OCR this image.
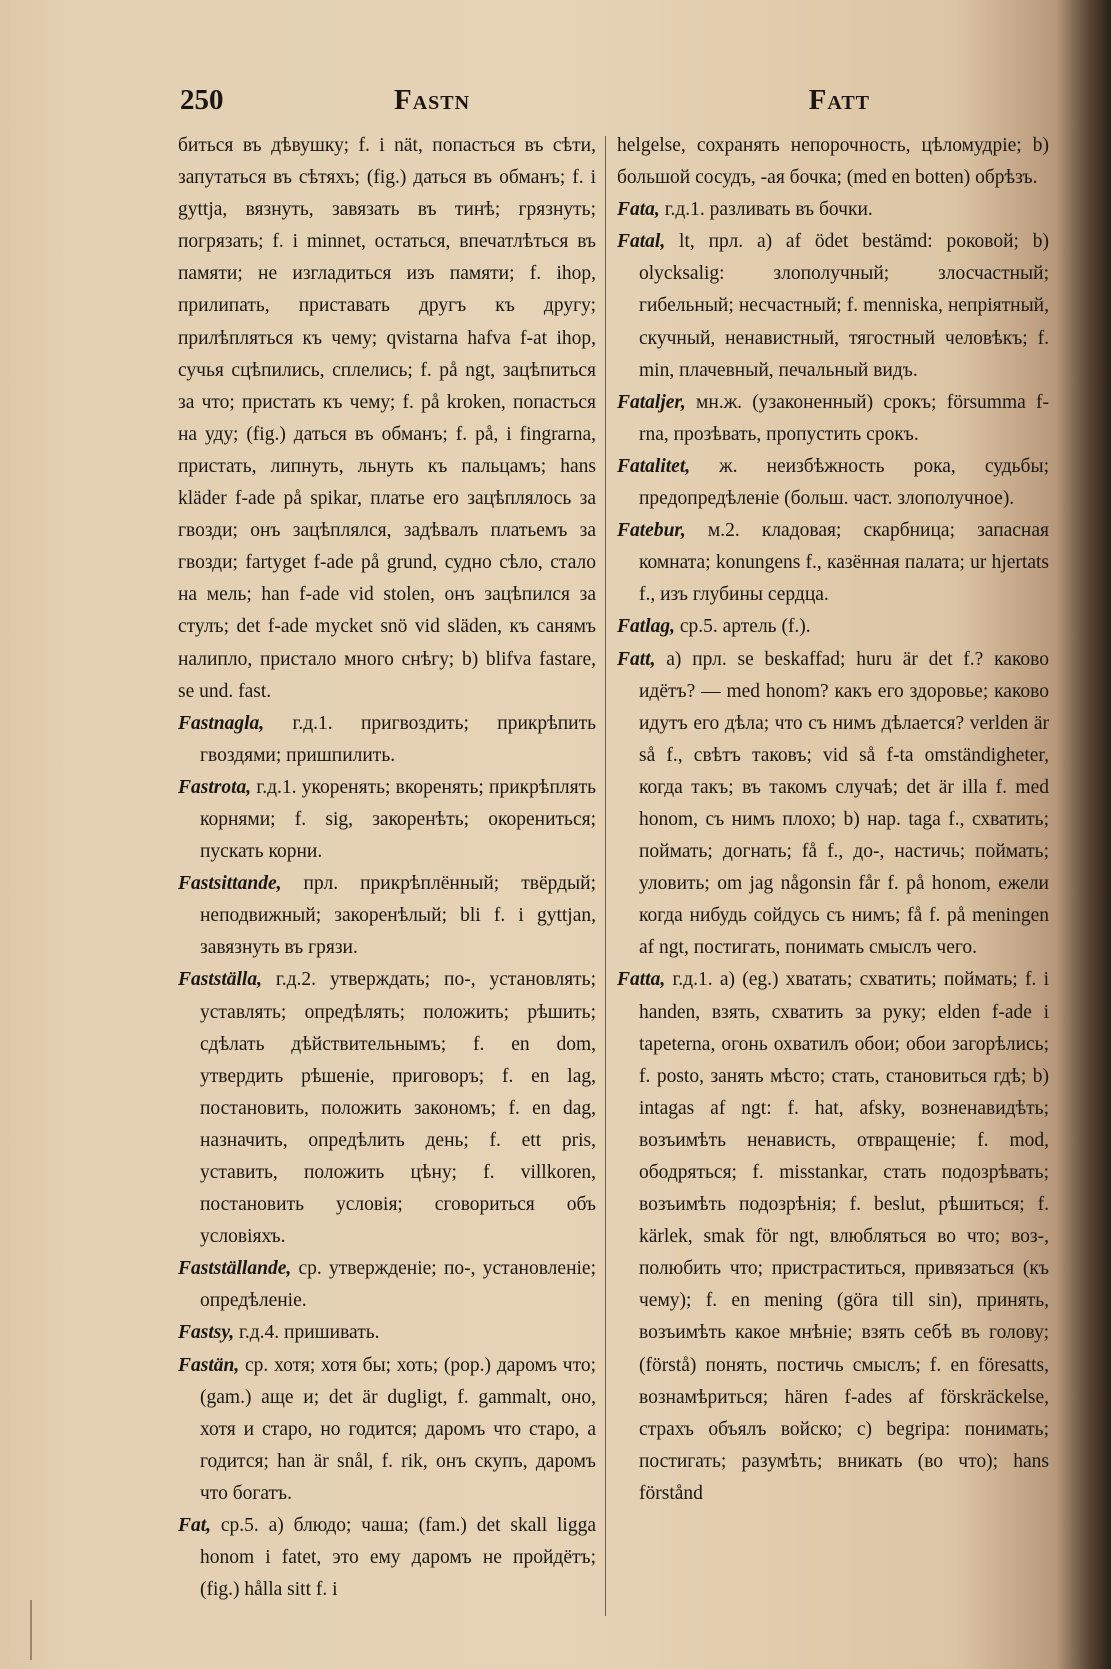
250	Fastn	Fatt

биться въ дѣвушку; f. i nät, попасться въ сѣти, запутаться въ сѣтяхъ; (fig.) даться въ обманъ; f. i gyttja, вязнуть, завязать въ тинѣ; грязнуть; погрязать; f. i minnet, остаться, впечатлѣться въ памяти; не изгладиться изъ памяти; f. ihop, прилипать, приставать другъ къ другу; прилѣпляться къ чему; qvistarna hafva f-at ihop, сучья сцѣпились, сплелись; f. på ngt, зацѣпиться за что; пристать къ чему; f. på kroken, попасться на уду; (fig.) даться въ обманъ; f. på, i fingrarna, пристать, липнуть, льнуть къ пальцамъ; hans kläder f-ade på spikar, платье его зацѣплялось за гвозди; онъ зацѣплялся, задѣвалъ платьемъ за гвозди; fartyget f-ade på grund, судно сѣло, стало на мель; han f-ade vid stolen, онъ зацѣпился за стулъ; det f-ade mycket snö vid släden, къ санямъ налипло, пристало много снѣгу; b) blifva fastare, se und. fast.

Fastnagla, г.д.1. пригвоздить; прикрѣпить гвоздями; пришпилить.

Fastrota, г.д.1. укоренять; вкоренять; прикрѣплять корнями; f. sig, закоренѣть; окорениться; пускать корни.

Fastsittande, прл. прикрѣплённый; твёрдый; неподвижный; закоренѣлый; bli f. i gyttjan, завязнуть въ грязи.

Fastställa, г.д.2. утверждать; по-, установлять; уставлять; опредѣлять; положить; рѣшить; сдѣлать дѣйствительнымъ; f. en dom, утвердить рѣшеніе, приговоръ; f. en lag, постановить, положить закономъ; f. en dag, назначить, опредѣлить день; f. ett pris, уставить, положить цѣну; f. villkoren, постановить условія; сговориться объ условіяхъ.

Fastställande, ср. утвержденіе; по-, установленіе; опредѣленіе.

Fastsy, г.д.4. пришивать.

Fastän, ср. хотя; хотя бы; хоть; (pop.) даромъ что; (gam.) аще и; det är dugligt, f. gammalt, оно, хотя и старо, но годится; даромъ что старо, а годится; han är snål, f. rik, онъ скупъ, даромъ что богатъ.

Fat, ср.5. а) блюдо; чаша; (fam.) det skall ligga honom i fatet, это ему даромъ не пройдётъ; (fig.) hålla sitt f. i

helgelse, сохранять непорочность, цѣломудріе; b) большой сосудъ, -ая бочка; (med en botten) обрѣзъ.

Fata, г.д.1. разливать въ бочки.

Fatal, lt, прл. а) af ödet bestämd: роковой; b) olycksalig: злополучный; злосчастный; гибельный; несчастный; f. menniska, непріятный, скучный, ненавистный, тягостный человѣкъ; f. min, плачевный, печальный видъ.

Fataljer, мн.ж. (узаконенный) срокъ; försumma f-rna, прозѣвать, пропустить срокъ.

Fatalitet, ж. неизбѣжность рока, судьбы; предопредѣленіе (больш. част. злополучное).

Fatebur, м.2. кладовая; скарбница; запасная комната; konungens f., казённая палата; ur hjertats f., изъ глубины сердца.

Fatlag, ср.5. артель (f.).

Fatt, а) прл. se beskaffad; huru är det f.? каково идётъ? — med honom? какъ его здоровье; каково идутъ его дѣла; что съ нимъ дѣлается? verlden är så f., свѣтъ таковъ; vid så f-ta omständigheter, когда такъ; въ такомъ случаѣ; det är illa f. med honom, съ нимъ плохо; b) нар. taga f., схватить; поймать; догнать; få f., до-, настичь; поймать; уловить; om jag någonsin får f. på honom, ежели когда нибудь сойдусь съ нимъ; få f. på meningen af ngt, постигать, понимать смыслъ чего.

Fatta, г.д.1. а) (eg.) хватать; схватить; поймать; f. i handen, взять, схватить за руку; elden f-ade i tapeterna, огонь охватилъ обои; обои загорѣлись; f. posto, занять мѣсто; стать, становиться гдѣ; b) intagas af ngt: f. hat, afsky, возненавидѣть; возъимѣть ненависть, отвращеніе; f. mod, ободряться; f. misstankar, стать подозрѣвать; возъимѣть подозрѣнія; f. beslut, рѣшиться; f. kärlek, smak för ngt, влюбляться во что; воз-, полюбить что; пристраститься, привязаться (къ чему); f. en mening (göra till sin), принять, возъимѣть какое мнѣніе; взять себѣ въ голову; (förstå) понять, постичь смыслъ; f. en föresatts, вознамѣриться; hären f-ades af förskräckelse, страхъ объялъ войско; c) begripa: понимать; постигать; разумѣть; вникать (во что); hans förstånd
